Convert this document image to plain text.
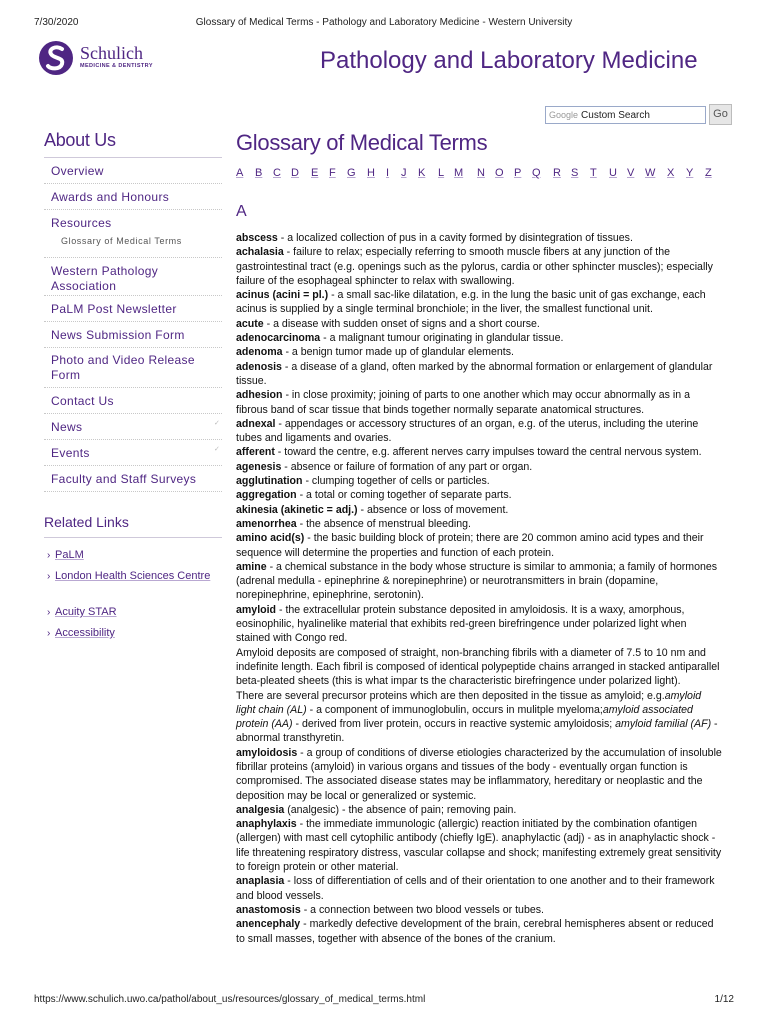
7/30/2020	Glossary of Medical Terms - Pathology and Laboratory Medicine - Western University
Schulich
MEDICINE & DENTISTRY	Pathology and Laboratory Medicine
Google Custom Search	Go
About Us
Overview
Awards and Honours
Resources
Glossary of Medical Terms
Western Pathology Association
PaLM Post Newsletter
News Submission Form
Photo and Video Release Form
Contact Us
News	✓
Events	✓
Faculty and Staff Surveys
Related Links
› PaLM
› London Health Sciences Centre
› Acuity STAR
› Accessibility
Glossary of Medical Terms
A B C D E F G H I J K L M N O P Q R S T U V W X Y Z
A

abscess - a localized collection of pus in a cavity formed by disintegration of tissues.

achalasia - failure to relax; especially referring to smooth muscle fibers at any junction of the gastrointestinal tract (e.g. openings such as the pylorus, cardia or other sphincter muscles); especially failure of the esophageal sphincter to relax with swallowing.

acinus (acini = pl.) - a small sac-like dilatation, e.g. in the lung the basic unit of gas exchange, each acinus is supplied by a single terminal bronchiole; in the liver, the smallest functional unit.

acute - a disease with sudden onset of signs and a short course.

adenocarcinoma - a malignant tumour originating in glandular tissue.

adenoma - a benign tumor made up of glandular elements.

adenosis - a disease of a gland, often marked by the abnormal formation or enlargement of glandular tissue.

adhesion - in close proximity; joining of parts to one another which may occur abnormally as in a fibrous band of scar tissue that binds together normally separate anatomical structures.

adnexal - appendages or accessory structures of an organ, e.g. of the uterus, including the uterine tubes and ligaments and ovaries.

afferent - toward the centre, e.g. afferent nerves carry impulses toward the central nervous system.

agenesis - absence or failure of formation of any part or organ.

agglutination - clumping together of cells or particles.

aggregation - a total or coming together of separate parts.

akinesia (akinetic = adj.) - absence or loss of movement.

amenorrhea - the absence of menstrual bleeding.

amino acid(s) - the basic building block of protein; there are 20 common amino acid types and their sequence will determine the properties and function of each protein.

amine - a chemical substance in the body whose structure is similar to ammonia; a family of hormones (adrenal medulla - epinephrine & norepinephrine) or neurotransmitters in brain (dopamine, norepinephrine, epinephrine, serotonin).

amyloid - the extracellular protein substance deposited in amyloidosis. It is a waxy, amorphous, eosinophilic, hyalinelike material that exhibits red-green birefringence under polarized light when stained with Congo red.

Amyloid deposits are composed of straight, non-branching fibrils with a diameter of 7.5 to 10 nm and indefinite length. Each fibril is composed of identical polypeptide chains arranged in stacked antiparallel beta-pleated sheets (this is what impar ts the characteristic birefringence under polarized light).

There are several precursor proteins which are then deposited in the tissue as amyloid; e.g.amyloid light chain (AL) - a component of immunoglobulin, occurs in mulitple myeloma;amyloid associated protein (AA) - derived from liver protein, occurs in reactive systemic amyloidosis; amyloid familial (AF) - abnormal transthyretin.

amyloidosis - a group of conditions of diverse etiologies characterized by the accumulation of insoluble fibrillar proteins (amyloid) in various organs and tissues of the body - eventually organ function is compromised. The associated disease states may be inflammatory, hereditary or neoplastic and the deposition may be local or generalized or systemic.

analgesia (analgesic) - the absence of pain; removing pain.

anaphylaxis - the immediate immunologic (allergic) reaction initiated by the combination ofantigen (allergen) with mast cell cytophilic antibody (chiefly IgE). anaphylactic (adj) - as in anaphylactic shock - life threatening respiratory distress, vascular collapse and shock; manifesting extremely great sensitivity to foreign protein or other material.

anaplasia - loss of differentiation of cells and of their orientation to one another and to their framework and blood vessels.

anastomosis - a connection between two blood vessels or tubes.

anencephaly - markedly defective development of the brain, cerebral hemispheres absent or reduced to small masses, together with absence of the bones of the cranium.

https://www.schulich.uwo.ca/pathol/about_us/resources/glossary_of_medical_terms.html	1/12
